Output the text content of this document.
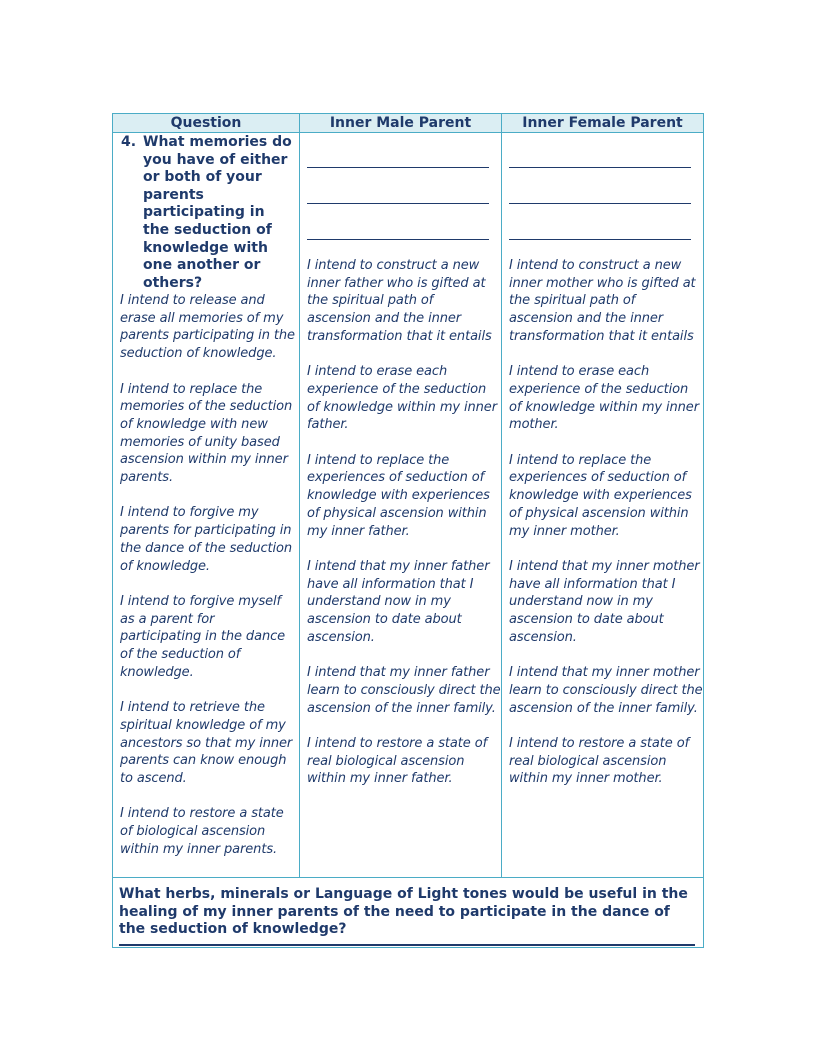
Question	Inner Male Parent	Inner Female Parent
4. What memories do you have of either or both of your parents participating in the seduction of knowledge with one another or others?

I intend to release and erase all memories of my parents participating in the seduction of knowledge.

I intend to replace the memories of the seduction of knowledge with new memories of unity based ascension within my inner parents.

I intend to forgive my parents for participating in the dance of the seduction of knowledge.

I intend to forgive myself as a parent for participating in the dance of the seduction of knowledge.

I intend to retrieve the spiritual knowledge of my ancestors so that my inner parents can know enough to ascend.

I intend to restore a state of biological ascension within my inner parents.

I intend to construct a new inner father who is gifted at the spiritual path of ascension and the inner transformation that it entails

I intend to erase each experience of the seduction of knowledge within my inner father.

I intend to replace the experiences of seduction of knowledge with experiences of physical ascension within my inner father.

I intend that my inner father have all information that I understand now in my ascension to date about ascension.

I intend that my inner father learn to consciously direct the ascension of the inner family.

I intend to restore a state of real biological ascension within my inner father.

I intend to construct a new inner mother who is gifted at the spiritual path of ascension and the inner transformation that it entails

I intend to erase each experience of the seduction of knowledge within my inner mother.

I intend to replace the experiences of seduction of knowledge with experiences of physical ascension within my inner mother.

I intend that my inner mother have all information that I understand now in my ascension to date about ascension.

I intend that my inner mother learn to consciously direct the ascension of the inner family.

I intend to restore a state of real biological ascension within my inner mother.

What herbs, minerals or Language of Light tones would be useful in the healing of my inner parents of the need to participate in the dance of the seduction of knowledge?
